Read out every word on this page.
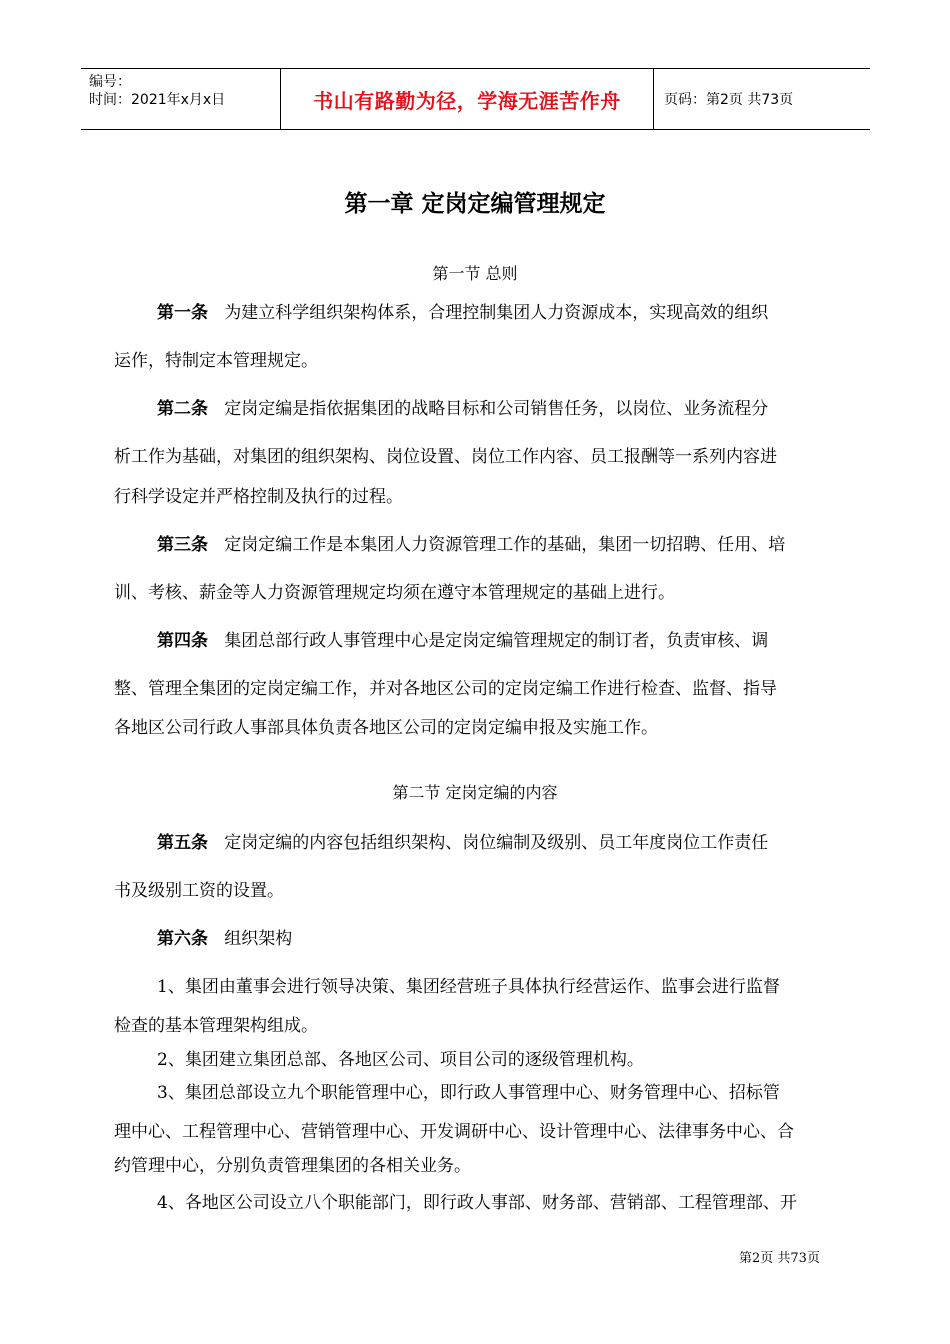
编号：
时间：2021年x月x日	书山有路勤为径，学海无涯苦作舟	页码：第2页 共73页
第一章 定岗定编管理规定
第一节 总则
第一条 为建立科学组织架构体系，合理控制集团人力资源成本，实现高效的组织
运作，特制定本管理规定。
第二条 定岗定编是指依据集团的战略目标和公司销售任务，以岗位、业务流程分
析工作为基础，对集团的组织架构、岗位设置、岗位工作内容、员工报酬等一系列内容进
行科学设定并严格控制及执行的过程。
第三条 定岗定编工作是本集团人力资源管理工作的基础，集团一切招聘、任用、培
训、考核、薪金等人力资源管理规定均须在遵守本管理规定的基础上进行。
第四条 集团总部行政人事管理中心是定岗定编管理规定的制订者，负责审核、调
整、管理全集团的定岗定编工作，并对各地区公司的定岗定编工作进行检查、监督、指导
各地区公司行政人事部具体负责各地区公司的定岗定编申报及实施工作。
第二节 定岗定编的内容
第五条 定岗定编的内容包括组织架构、岗位编制及级别、员工年度岗位工作责任
书及级别工资的设置。
第六条 组织架构
1、集团由董事会进行领导决策、集团经营班子具体执行经营运作、监事会进行监督
检查的基本管理架构组成。
2、集团建立集团总部、各地区公司、项目公司的逐级管理机构。
3、集团总部设立九个职能管理中心，即行政人事管理中心、财务管理中心、招标管
理中心、工程管理中心、营销管理中心、开发调研中心、设计管理中心、法律事务中心、合
约管理中心，分别负责管理集团的各相关业务。
4、各地区公司设立八个职能部门，即行政人事部、财务部、营销部、工程管理部、开
第2页 共73页
